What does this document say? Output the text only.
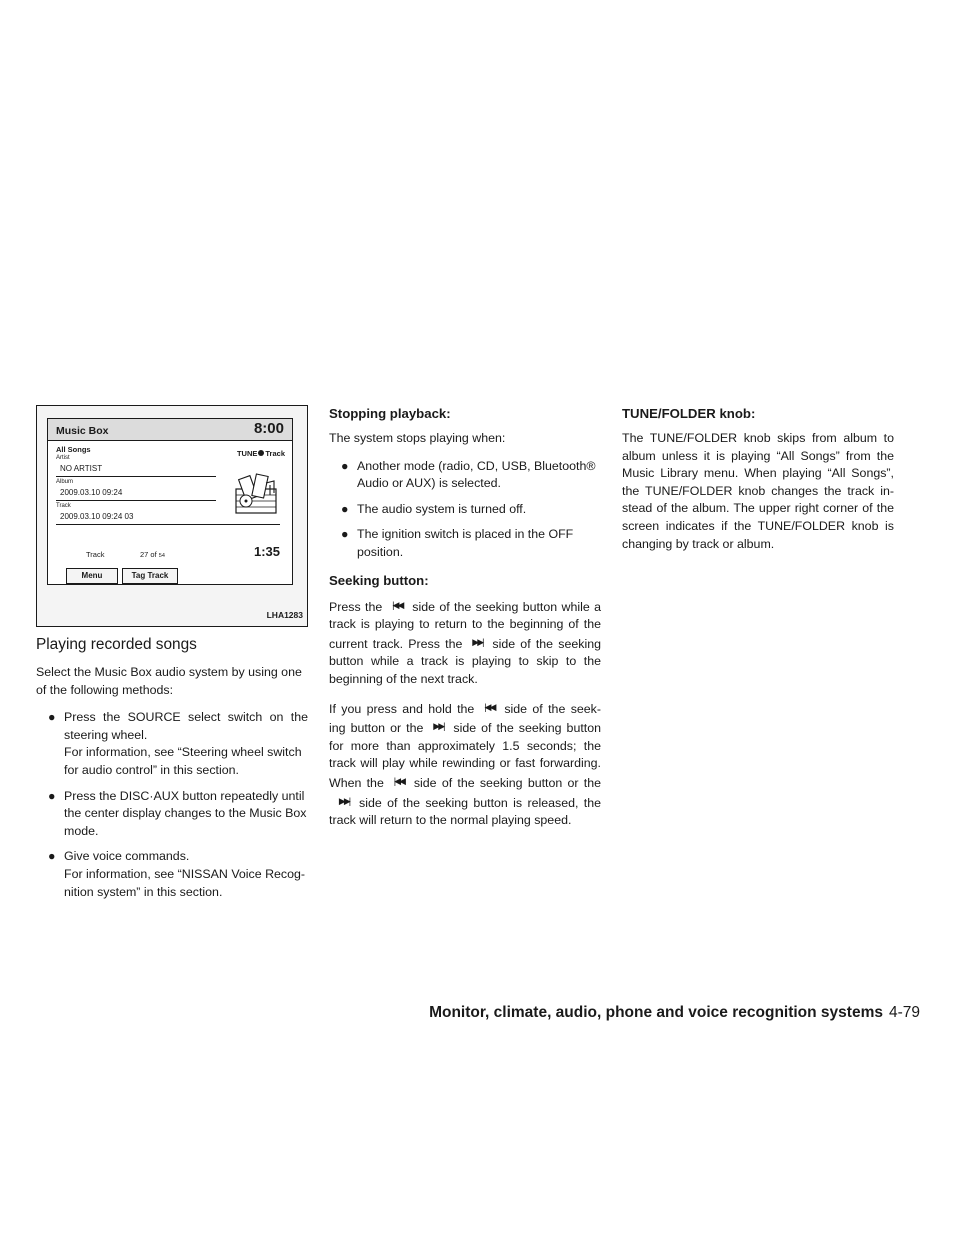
Music Box	8:00
All Songs	TUNE Track
Artist
NO ARTIST
Album
2009.03.10 09:24
Track
2009.03.10 09:24 03
Track	27 of 54	1:35
Menu	Tag Track
LHA1283
Playing recorded songs

Select the Music Box audio system by using one of the following methods:

● Press the SOURCE select switch on the steering wheel.
For information, see “Steering wheel switch for audio control” in this section.
● Press the DISC·AUX button repeatedly until the center display changes to the Music Box mode.
● Give voice commands.
For information, see “NISSAN Voice Recog-nition system” in this section.
Stopping playback:

The system stops playing when:

● Another mode (radio, CD, USB, Bluetooth® Audio or AUX) is selected.
● The audio system is turned off.
● The ignition switch is placed in the OFF position.
Seeking button:

Press the |◀◀ side of the seeking button while a track is playing to return to the beginning of the current track. Press the ▶▶| side of the seeking button while a track is playing to skip to the beginning of the next track.

If you press and hold the |◀◀ side of the seek-ing button or the ▶▶| side of the seeking button for more than approximately 1.5 seconds; the track will play while rewinding or fast forwarding. When the |◀◀ side of the seeking button or the▶▶| side of the seeking button is released, the track will return to the normal playing speed.

TUNE/FOLDER knob:

The TUNE/FOLDER knob skips from album to album unless it is playing “All Songs” from the Music Library menu. When playing “All Songs”, the TUNE/FOLDER knob changes the track in-stead of the album. The upper right corner of the screen indicates if the TUNE/FOLDER knob is changing by track or album.

Monitor, climate, audio, phone and voice recognition systems 4-79
